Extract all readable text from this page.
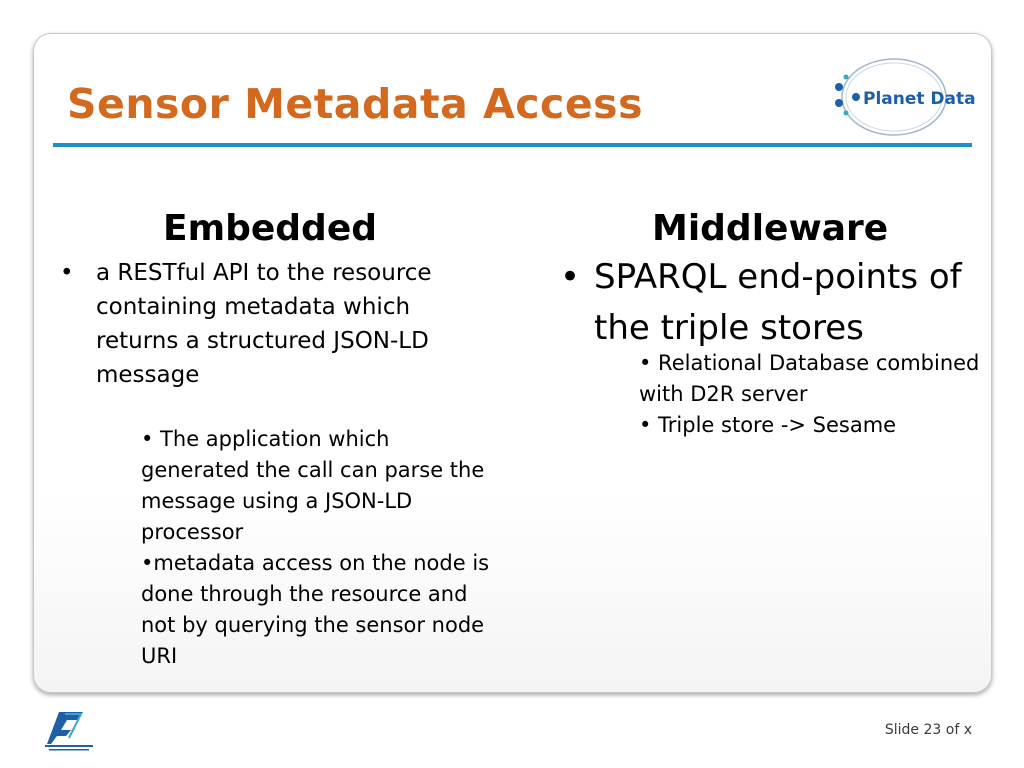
Sensor Metadata Access	Planet Data
Embedded
• a RESTful API to the resource containing metadata which returns a structured JSON-LD message
• The application which generated the call can parse the message using a JSON-LD processor
•metadata access on the node is done through the resource and not by querying the sensor node URI
Middleware
• SPARQL end-points of the triple stores
• Relational Database combined with D2R server
• Triple store -> Sesame
Slide 23 of x
